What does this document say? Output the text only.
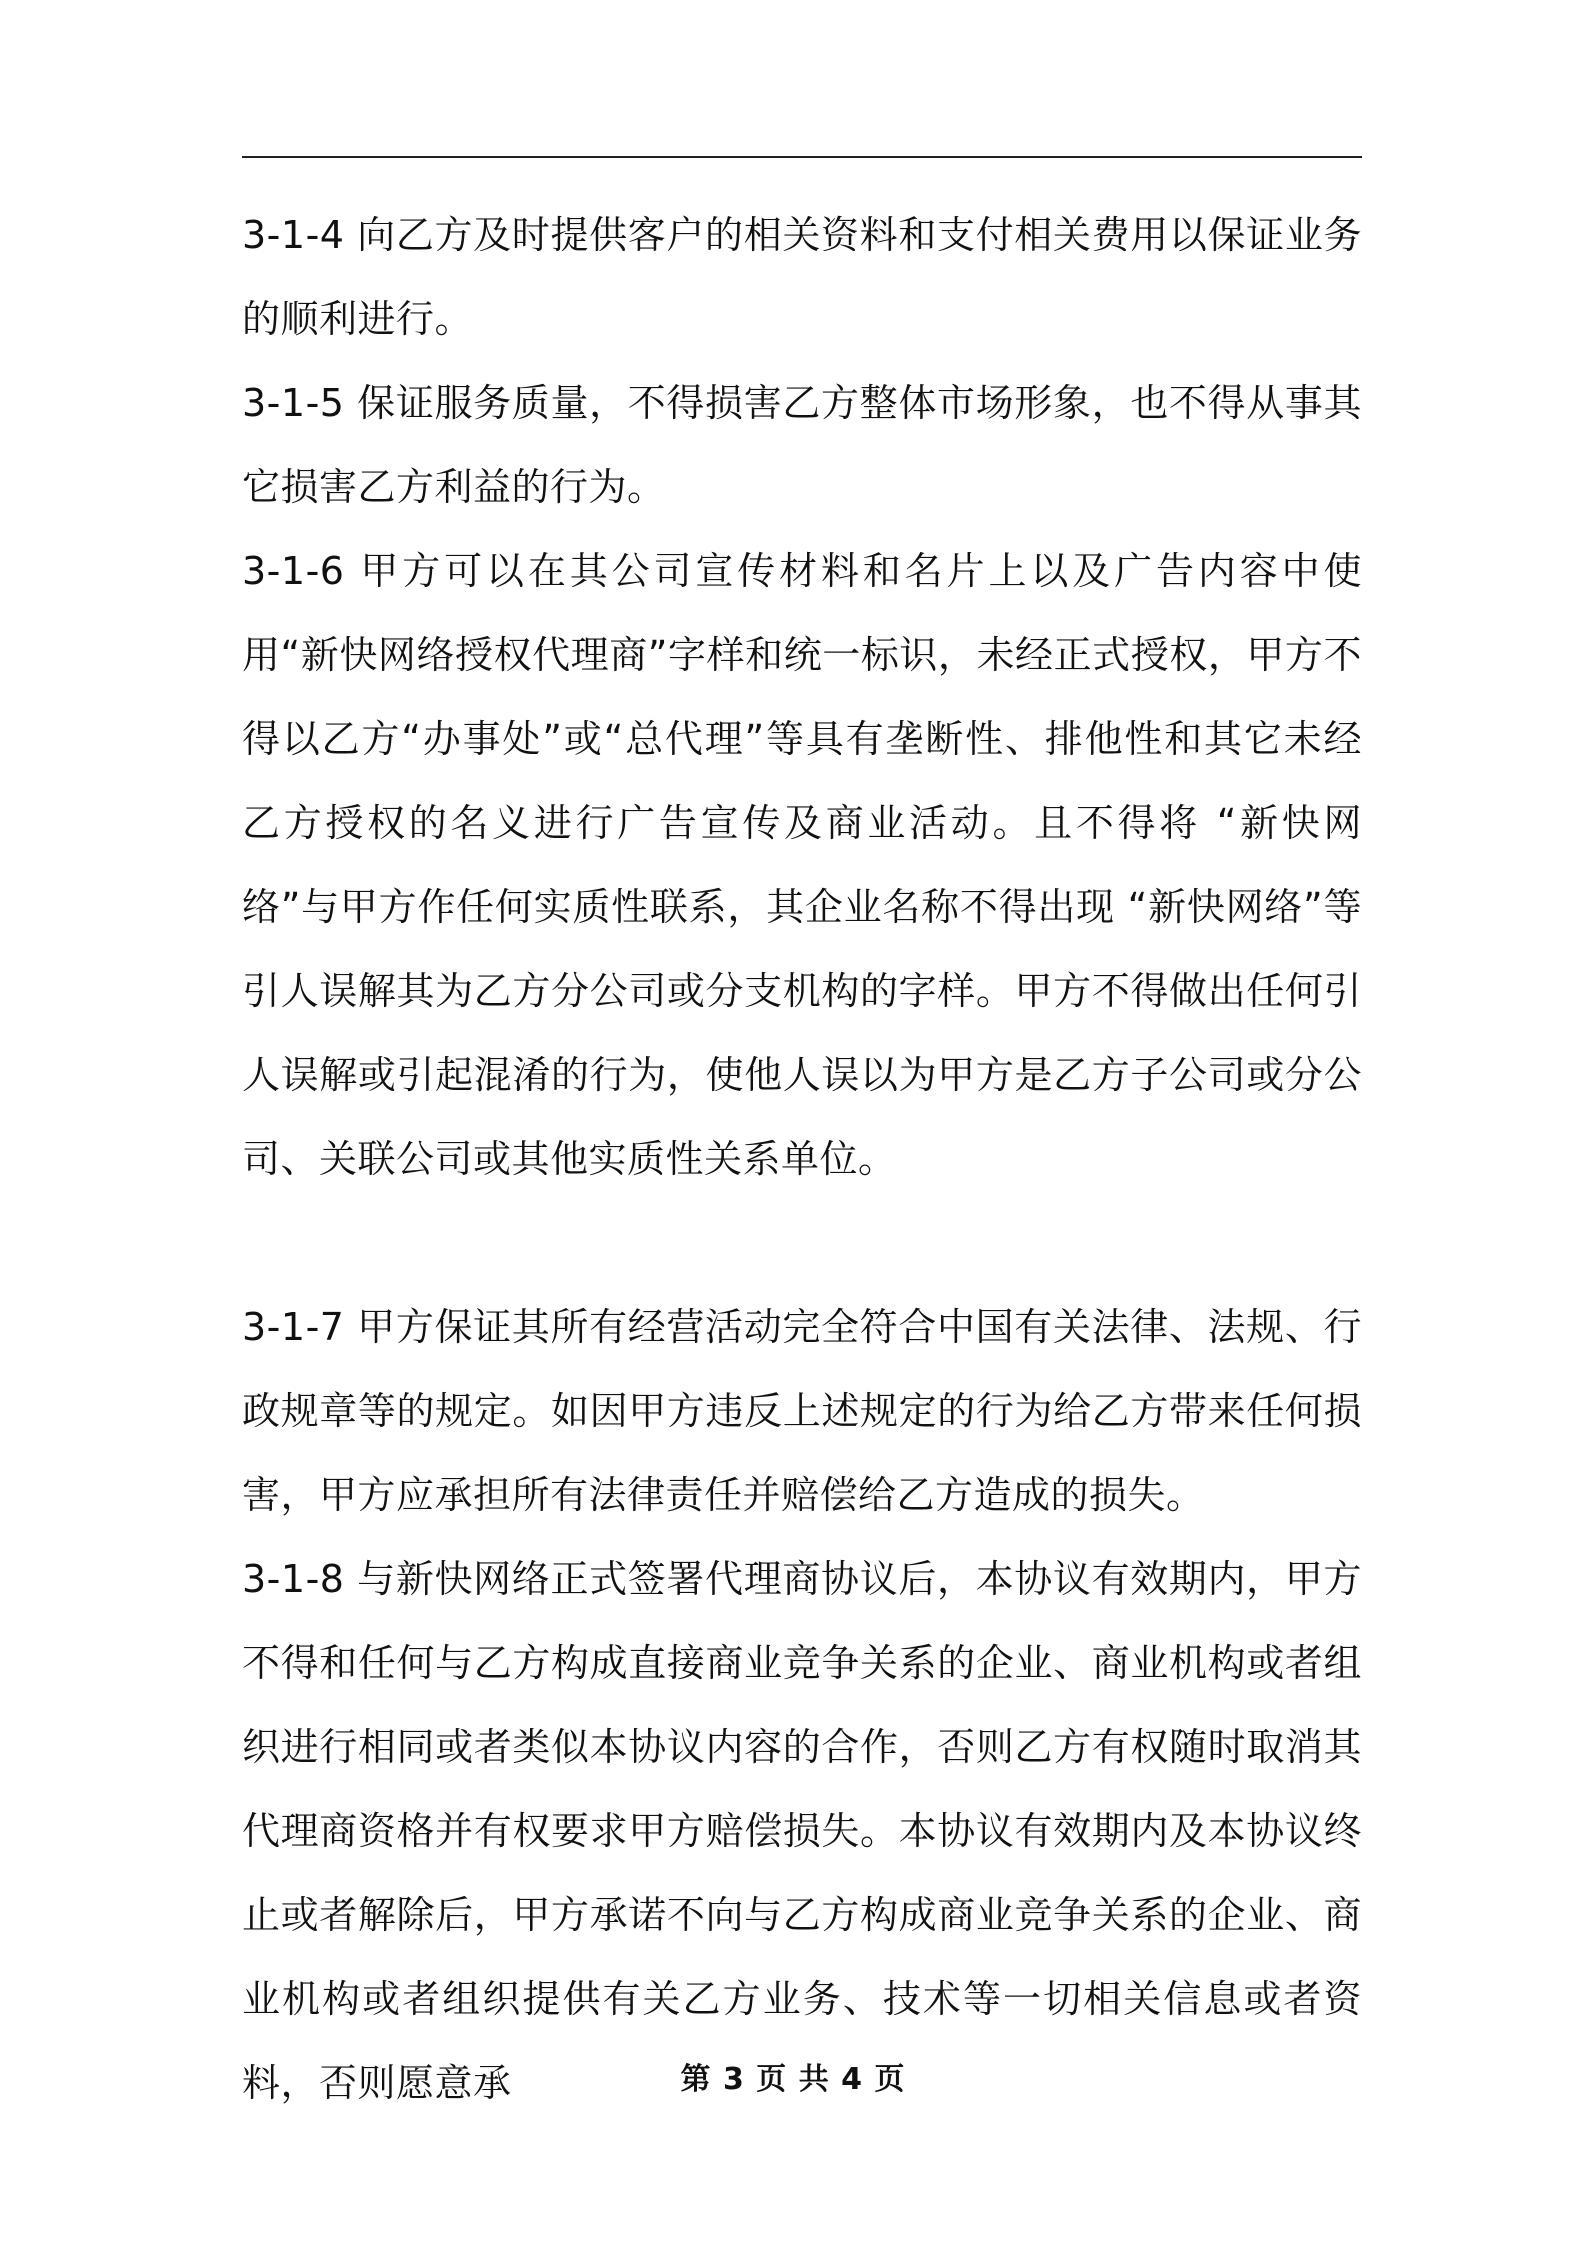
3-1-4 向乙方及时提供客户的相关资料和支付相关费用以保证业务的顺利进行。

3-1-5 保证服务质量，不得损害乙方整体市场形象，也不得从事其它损害乙方利益的行为。

3-1-6 甲方可以在其公司宣传材料和名片上以及广告内容中使用“新快网络授权代理商”字样和统一标识，未经正式授权，甲方不得以乙方“办事处”或“总代理”等具有垄断性、排他性和其它未经乙方授权的名义进行广告宣传及商业活动。且不得将 “新快网络”与甲方作任何实质性联系，其企业名称不得出现 “新快网络”等引人误解其为乙方分公司或分支机构的字样。甲方不得做出任何引人误解或引起混淆的行为，使他人误以为甲方是乙方子公司或分公司、关联公司或其他实质性关系单位。

3-1-7 甲方保证其所有经营活动完全符合中国有关法律、法规、行政规章等的规定。如因甲方违反上述规定的行为给乙方带来任何损害，甲方应承担所有法律责任并赔偿给乙方造成的损失。

3-1-8 与新快网络正式签署代理商协议后，本协议有效期内，甲方不得和任何与乙方构成直接商业竞争关系的企业、商业机构或者组织进行相同或者类似本协议内容的合作，否则乙方有权随时取消其代理商资格并有权要求甲方赔偿损失。本协议有效期内及本协议终止或者解除后，甲方承诺不向与乙方构成商业竞争关系的企业、商业机构或者组织提供有关乙方业务、技术等一切相关信息或者资料，否则愿意承	第 3 页 共 4 页
